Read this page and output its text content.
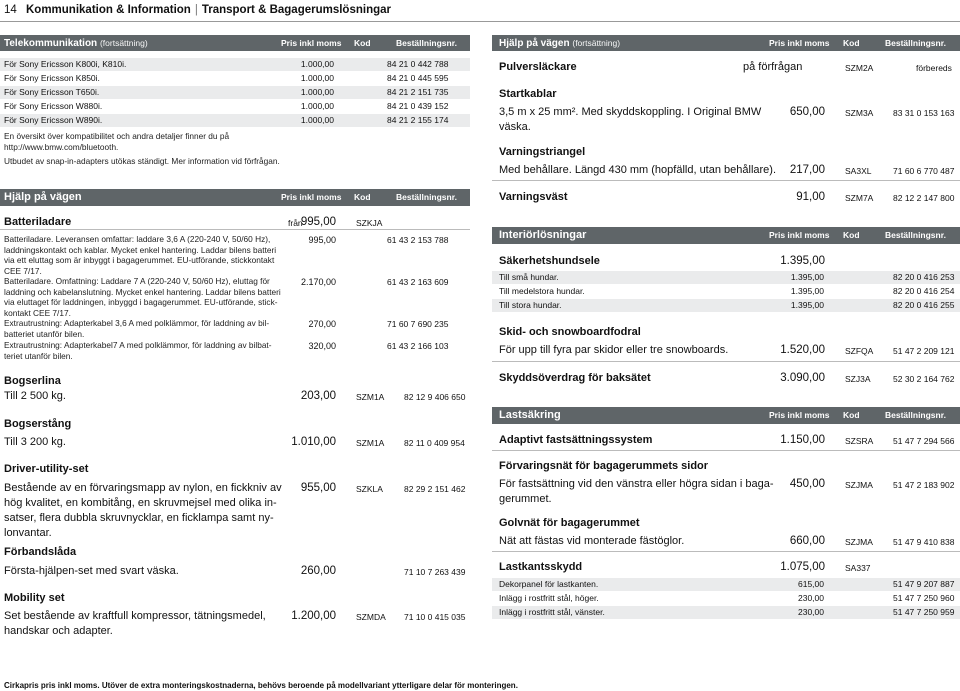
14 Kommunikation & Information | Transport & Bagagerumslösningar
Telekommunikation (fortsättning)	Pris inkl moms Kod	Beställningsnr.
För Sony Ericsson K800i, K810i.	1.000,00	84 21 0 442 788
För Sony Ericsson K850i.	1.000,00	84 21 0 445 595
För Sony Ericsson T650i.	1.000,00	84 21 2 151 735
För Sony Ericsson W880i.	1.000,00	84 21 0 439 152
För Sony Ericsson W890i.	1.000,00	84 21 2 155 174
En översikt över kompatibilitet och andra detaljer finner du på
http://www.bmw.com/bluetooth.
Utbudet av snap-in-adapters utökas ständigt. Mer information vid förfrågan.
Hjälp på vägen	Pris inkl moms Kod	Beställningsnr.
Batteriladare	från
995,00 SZKJA
Batteriladare. Leveransen omfattar: laddare 3,6 A (220-240 V, 50/60 Hz),
laddningskontakt och kablar. Mycket enkel hantering. Laddar bilens batteri
via ett eluttag som är inbyggt i bagagerummet. EU-utförande, stickkontakt
CEE 7/17.
995,00	61 43 2 153 788
Batteriladare. Omfattning: Laddare 7 A (220-240 V, 50/60 Hz), eluttag för
laddning och kabelanslutning. Mycket enkel hantering. Laddar bilens batteri
via eluttaget för laddningen, inbyggd i bagagerummet. EU-utförande, stick-
kontakt CEE 7/17.
2.170,00	61 43 2 163 609
Extrautrustning: Adapterkabel 3,6 A med polklämmor, för laddning av bil-
batteriet utanför bilen.
270,00	71 60 7 690 235
Extrautrustning: Adapterkabel7 A med polklämmor, för laddning av bilbat-
teriet utanför bilen.
320,00	61 43 2 166 103
Bogserlina
Till 2 500 kg.	203,00 SZM1A 82 12 9 406 650
Bogserstång
Till 3 200 kg.	1.010,00 SZM1A 82 11 0 409 954
Driver-utility-set
Bestående av en förvaringsmapp av nylon, en fickkniv av
hög kvalitet, en kombitång, en skruvmejsel med olika in-
satser, flera dubbla skruvnycklar, en ficklampa samt ny-
lonvantar.
955,00 SZKLA 82 29 2 151 462
Förbandslåda
Första-hjälpen-set med svart väska.	260,00	71 10 7 263 439
Mobility set
Set bestående av kraftfull kompressor, tätningsmedel,
handskar och adapter.
1.200,00 SZMDA 71 10 0 415 035
Hjälp på vägen (fortsättning)	Pris inkl moms Kod	Beställningsnr.
Pulversläckare	på förfrågan	SZM2A	förbereds
Startkablar
3,5 m x 25 mm². Med skyddskoppling. I Original BMW
väska.
650,00 SZM3A 83 31 0 153 163
Varningstriangel
Med behållare. Längd 430 mm (hopfälld, utan behållare).	217,00 SA3XL	71 60 6 770 487
Varningsväst	91,00 SZM7A 82 12 2 147 800
Interiörlösningar	Pris inkl moms Kod	Beställningsnr.
Säkerhetshundsele	1.395,00
Till små hundar.	1.395,00	82 20 0 416 253
Till medelstora hundar.	1.395,00	82 20 0 416 254
Till stora hundar.	1.395,00	82 20 0 416 255
Skid- och snowboardfodral
För upp till fyra par skidor eller tre snowboards.	1.520,00 SZFQA 51 47 2 209 121
Skyddsöverdrag för baksätet	3.090,00 SZJ3A	52 30 2 164 762
Lastsäkring	Pris inkl moms Kod	Beställningsnr.
Adaptivt fastsättningssystem	1.150,00 SZSRA 51 47 7 294 566
Förvaringsnät för bagagerummets sidor
För fastsättning vid den vänstra eller högra sidan i baga-
gerummet.
450,00 SZJMA 51 47 2 183 902
Golvnät för bagagerummet
Nät att fästas vid monterade fästöglor.	660,00 SZJMA 51 47 9 410 838
Lastkantsskydd	1.075,00 SA337
Dekorpanel för lastkanten.	615,00	51 47 9 207 887
Inlägg i rostfritt stål, höger.	230,00	51 47 7 250 960
Inlägg i rostfritt stål, vänster.	230,00	51 47 7 250 959
Cirkapris pris inkl moms. Utöver de extra monteringskostnaderna, behövs beroende på modellvariant ytterligare delar för monteringen.
